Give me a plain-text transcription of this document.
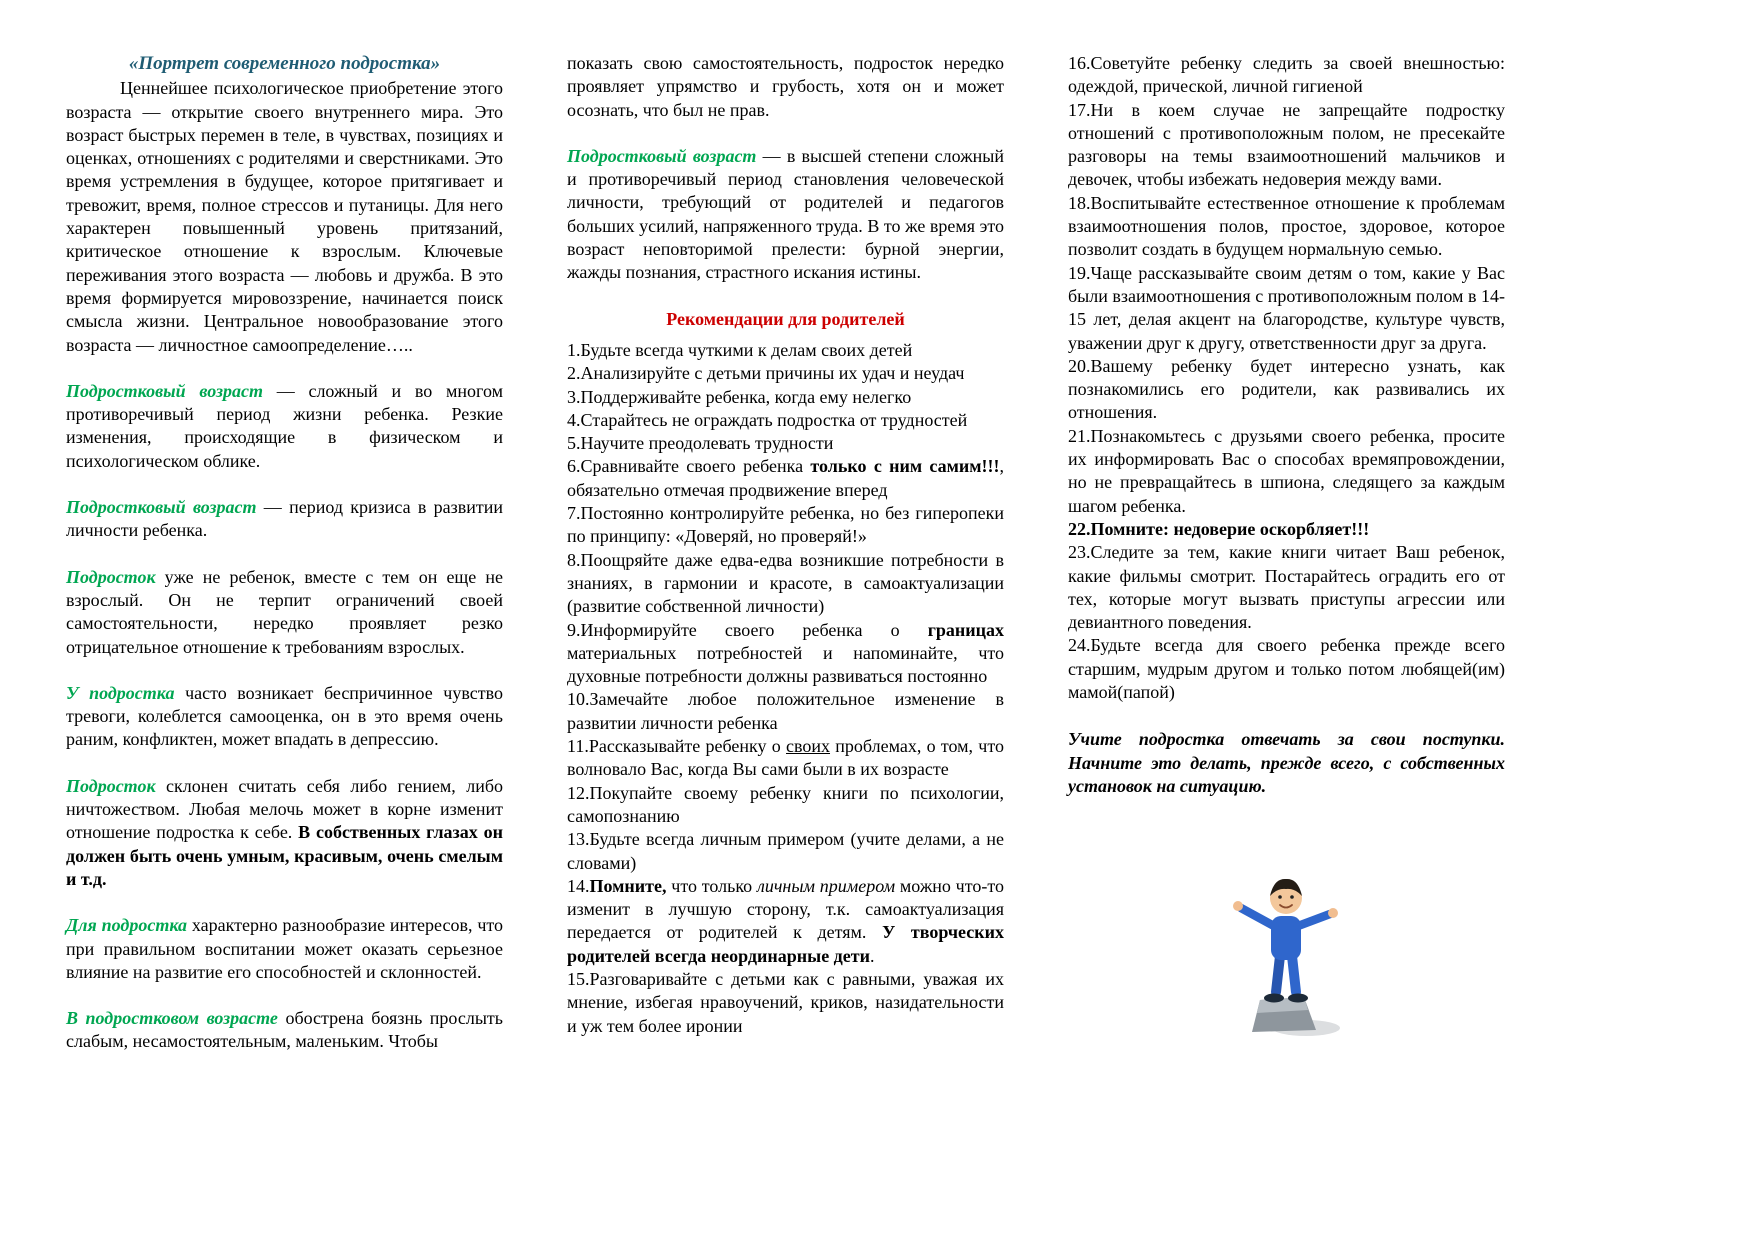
«Портрет современного подростка»

Ценнейшее психологическое приобретение этого возраста — открытие своего внутреннего мира. Это возраст быстрых перемен в теле, в чувствах, позициях и оценках, отношениях с родителями и сверстниками. Это время устремления в будущее, которое притягивает и тревожит, время, полное стрессов и путаницы. Для него характерен повышенный уровень притязаний, критическое отношение к взрослым. Ключевые переживания этого возраста — любовь и дружба. В это время формируется мировоззрение, начинается поиск смысла жизни. Центральное новообразование этого возраста — личностное самоопределение…..

Подростковый возраст — сложный и во многом противоречивый период жизни ребенка. Резкие изменения, происходящие в физическом и психологическом облике.

Подростковый возраст — период кризиса в развитии личности ребенка.

Подросток уже не ребенок, вместе с тем он еще не взрослый. Он не терпит ограничений своей самостоятельности, нередко проявляет резко отрицательное отношение к требованиям взрослых.

У подростка часто возникает беспричинное чувство тревоги, колеблется самооценка, он в это время очень раним, конфликтен, может впадать в депрессию.

Подросток склонен считать себя либо гением, либо ничтожеством. Любая мелочь может в корне изменит отношение подростка к себе. В собственных глазах он должен быть очень умным, красивым, очень смелым и т.д.

Для подростка характерно разнообразие интересов, что при правильном воспитании может оказать серьезное влияние на развитие его способностей и склонностей.

В подростковом возрасте обострена боязнь прослыть слабым, несамостоятельным, маленьким. Чтобы

показать свою самостоятельность, подросток нередко проявляет упрямство и грубость, хотя он и может осознать, что был не прав.

Подростковый возраст — в высшей степени сложный и противоречивый период становления человеческой личности, требующий от родителей и педагогов больших усилий, напряженного труда. В то же время это возраст неповторимой прелести: бурной энергии, жажды познания, страстного искания истины.

Рекомендации для родителей

1.Будьте всегда чуткими к делам своих детей

2.Анализируйте с детьми причины их удач и неудач

3.Поддерживайте ребенка, когда ему нелегко

4.Старайтесь не ограждать подростка от трудностей

5.Научите преодолевать трудности

6.Сравнивайте своего ребенка только с ним самим!!!, обязательно отмечая продвижение вперед

7.Постоянно контролируйте ребенка, но без гиперопеки по принципу: «Доверяй, но проверяй!»

8.Поощряйте даже едва-едва возникшие потребности в знаниях, в гармонии и красоте, в самоактуализации (развитие собственной личности)

9.Информируйте своего ребенка о границах материальных потребностей и напоминайте, что духовные потребности должны развиваться постоянно

10.Замечайте любое положительное изменение в развитии личности ребенка

11.Рассказывайте ребенку о своих проблемах, о том, что волновало Вас, когда Вы сами были в их возрасте

12.Покупайте своему ребенку книги по психологии, самопознанию

13.Будьте всегда личным примером (учите делами, а не словами)

14.Помните, что только личным примером можно что-то изменит в лучшую сторону, т.к. самоактуализация передается от родителей к детям. У творческих родителей всегда неординарные дети.

15.Разговаривайте с детьми как с равными, уважая их мнение, избегая нравоучений, криков, назидательности и уж тем более иронии

16.Советуйте ребенку следить за своей внешностью: одеждой, прической, личной гигиеной

17.Ни в коем случае не запрещайте подростку отношений с противоположным полом, не пресекайте разговоры на темы взаимоотношений мальчиков и девочек, чтобы избежать недоверия между вами.

18.Воспитывайте естественное отношение к проблемам взаимоотношения полов, простое, здоровое, которое позволит создать в будущем нормальную семью.

19.Чаще рассказывайте своим детям о том, какие у Вас были взаимоотношения с противоположным полом в 14-15 лет, делая акцент на благородстве, культуре чувств, уважении друг к другу, ответственности друг за друга.

20.Вашему ребенку будет интересно узнать, как познакомились его родители, как развивались их отношения.

21.Познакомьтесь с друзьями своего ребенка, просите их информировать Вас о способах времяпровождении, но не превращайтесь в шпиона, следящего за каждым шагом ребенка.

22.Помните: недоверие оскорбляет!!!

23.Следите за тем, какие книги читает Ваш ребенок, какие фильмы смотрит. Постарайтесь оградить его от тех, которые могут вызвать приступы агрессии или девиантного поведения.

24.Будьте всегда для своего ребенка прежде всего старшим, мудрым другом и только потом любящей(им) мамой(папой)

Учите подростка отвечать за свои поступки. Начните это делать, прежде всего, с собственных установок на ситуацию.
